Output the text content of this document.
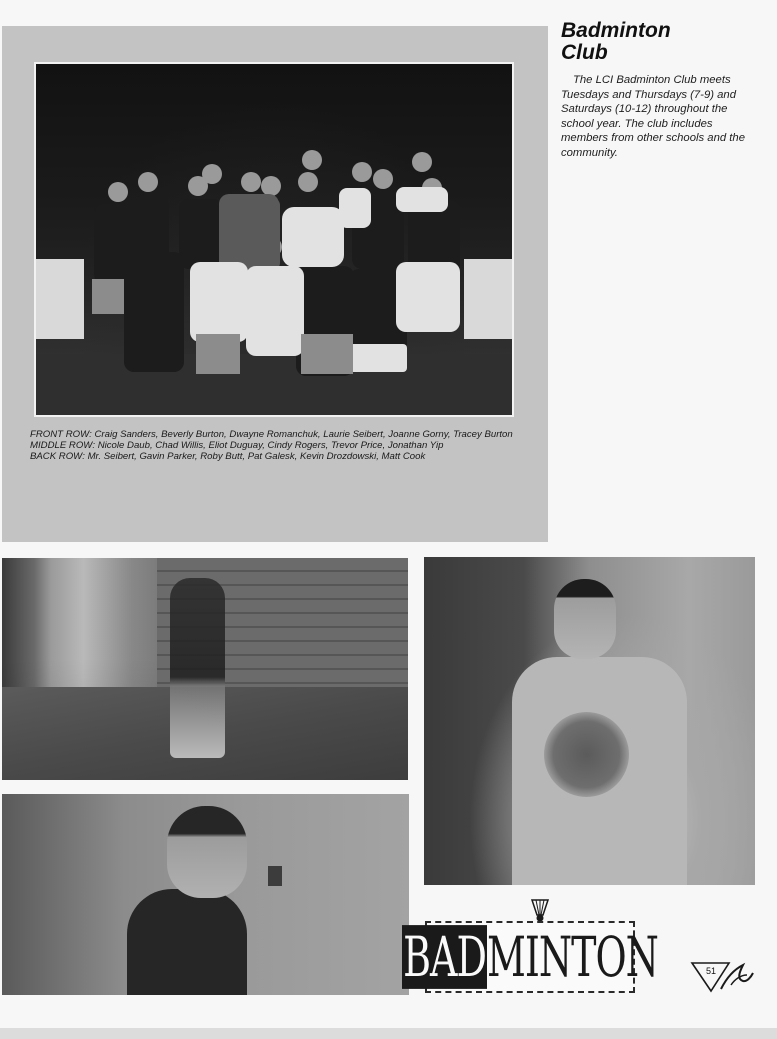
FRONT ROW: Craig Sanders, Beverly Burton, Dwayne Romanchuk, Laurie Seibert, Joanne Gorny, Tracey Burton
MIDDLE ROW: Nicole Daub, Chad Willis, Eliot Duguay, Cindy Rogers, Trevor Price, Jonathan Yip
BACK ROW: Mr. Seibert, Gavin Parker, Roby Butt, Pat Galesk, Kevin Drozdowski, Matt Cook
Badminton
Club
The LCI Badminton Club meets Tuesdays and Thursdays (7-9) and Saturdays (10-12) throughout the school year. The club includes members from other schools and the community.
BADMINTON	51
